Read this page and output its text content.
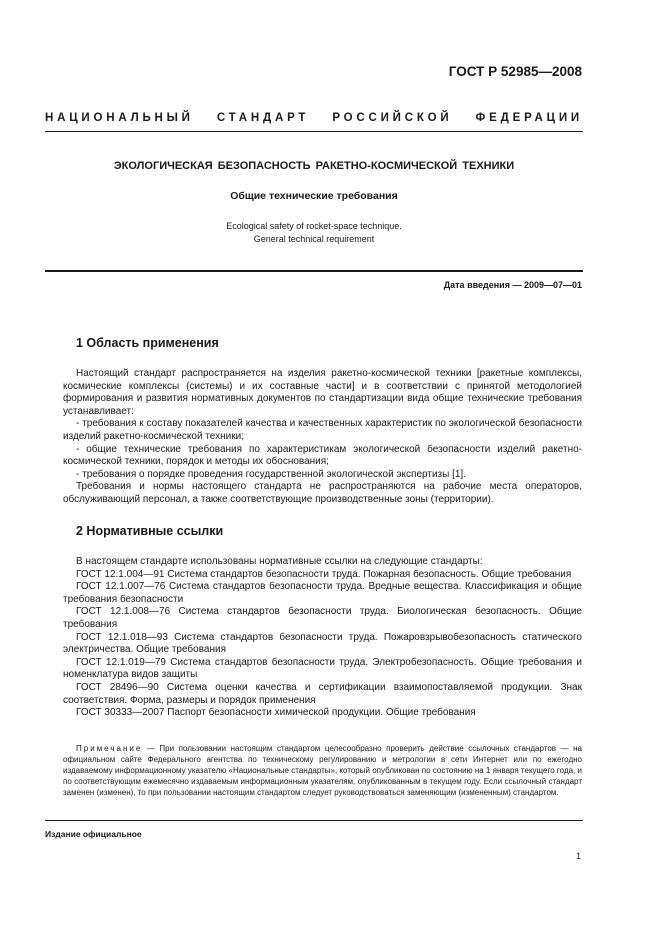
ГОСТ Р 52985—2008
НАЦИОНАЛЬНЫЙ СТАНДАРТ РОССИЙСКОЙ ФЕДЕРАЦИИ
ЭКОЛОГИЧЕСКАЯ БЕЗОПАСНОСТЬ РАКЕТНО-КОСМИЧЕСКОЙ ТЕХНИКИ
Общие технические требования
Ecological safety of rocket-space technique.
General technical requirement
Дата введения — 2009—07—01
1 Область применения

Настоящий стандарт распространяется на изделия ракетно-космической техники [ракетные комплексы, космические комплексы (системы) и их составные части] и в соответствии с принятой методологией формирования и развития нормативных документов по стандартизации вида общие технические требования устанавливает:

- требования к составу показателей качества и качественных характеристик по экологической безопасности изделий ракетно-космической техники;

- общие технические требования по характеристикам экологической безопасности изделий ракетно-космической техники, порядок и методы их обоснования;

- требования о порядке проведения государственной экологической экспертизы [1].

Требования и нормы настоящего стандарта не распространяются на рабочие места операторов, обслуживающий персонал, а также соответствующие производственные зоны (территории).

2 Нормативные ссылки

В настоящем стандарте использованы нормативные ссылки на следующие стандарты:

ГОСТ 12.1.004—91 Система стандартов безопасности труда. Пожарная безопасность. Общие требования

ГОСТ 12.1.007—76 Система стандартов безопасности труда. Вредные вещества. Классификация и общие требования безопасности

ГОСТ 12.1.008—76 Система стандартов безопасности труда. Биологическая безопасность. Общие требования

ГОСТ 12.1.018—93 Система стандартов безопасности труда. Пожаровзрывобезопасность статического электричества. Общие требования

ГОСТ 12.1.019—79 Система стандартов безопасности труда. Электробезопасность. Общие требования и номенклатура видов защиты

ГОСТ 28496—90 Система оценки качества и сертификации взаимопоставляемой продукции. Знак соответствия. Форма, размеры и порядок применения

ГОСТ 30333—2007 Паспорт безопасности химической продукции. Общие требования

Примечание — При пользовании настоящим стандартом целесообразно проверить действие ссылочных стандартов — на официальном сайте Федерального агентства по техническому регулированию и метрологии в сети Интернет или по ежегодно издаваемому информационному указателю «Национальные стандарты», который опубликован по состоянию на 1 января текущего года, и по соответствующим ежемесячно издаваемым информационным указателям, опубликованным в текущем году. Если ссылочный стандарт заменен (изменен), то при пользовании настоящим стандартом следует руководствоваться заменяющим (измененным) стандартом.

Издание официальное
1
